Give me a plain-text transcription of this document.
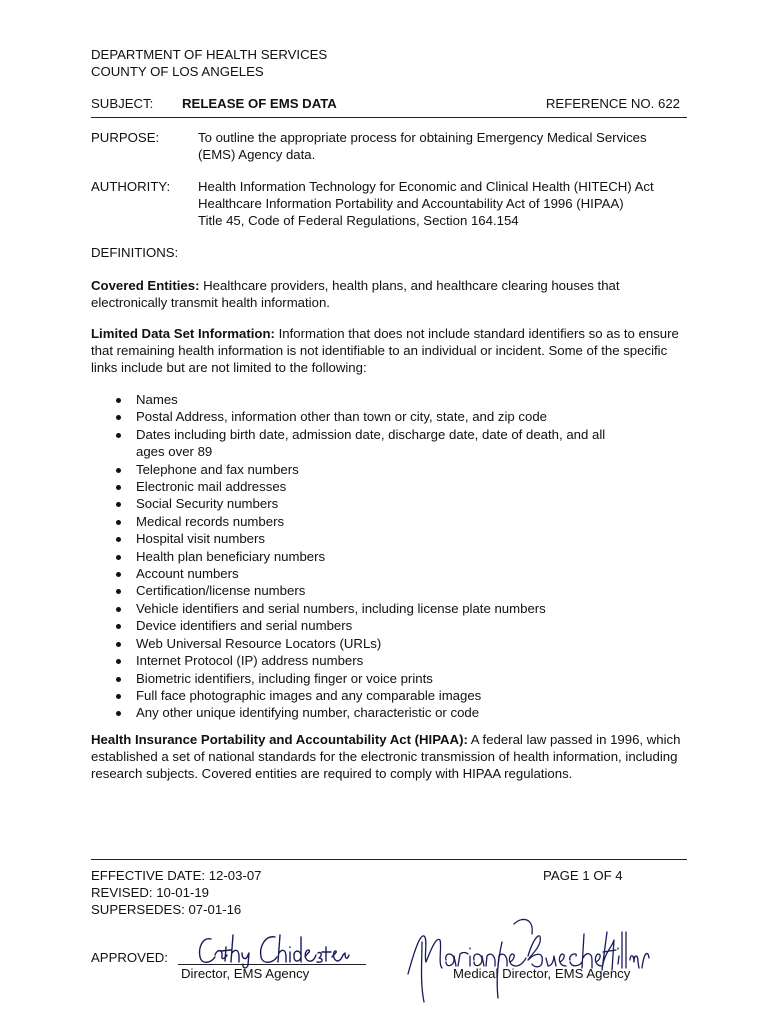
DEPARTMENT OF HEALTH SERVICES
COUNTY OF LOS ANGELES
SUBJECT: RELEASE OF EMS DATA	REFERENCE NO. 622
PURPOSE:	To outline the appropriate process for obtaining Emergency Medical Services
(EMS) Agency data.
AUTHORITY: Health Information Technology for Economic and Clinical Health (HITECH) Act
Healthcare Information Portability and Accountability Act of 1996 (HIPAA)
Title 45, Code of Federal Regulations, Section 164.154
DEFINITIONS:
Covered Entities: Healthcare providers, health plans, and healthcare clearing houses that electronically transmit health information.
Limited Data Set Information: Information that does not include standard identifiers so as to ensure that remaining health information is not identifiable to an individual or incident. Some of the specific links include but are not limited to the following:
Names
Postal Address, information other than town or city, state, and zip code
Dates including birth date, admission date, discharge date, date of death, and all ages over 89
Telephone and fax numbers
Electronic mail addresses
Social Security numbers
Medical records numbers
Hospital visit numbers
Health plan beneficiary numbers
Account numbers
Certification/license numbers
Vehicle identifiers and serial numbers, including license plate numbers
Device identifiers and serial numbers
Web Universal Resource Locators (URLs)
Internet Protocol (IP) address numbers
Biometric identifiers, including finger or voice prints
Full face photographic images and any comparable images
Any other unique identifying number, characteristic or code
Health Insurance Portability and Accountability Act (HIPAA): A federal law passed in 1996, which established a set of national standards for the electronic transmission of health information, including research subjects. Covered entities are required to comply with HIPAA regulations.
EFFECTIVE DATE: 12-03-07
REVISED: 10-01-19
SUPERSEDES: 07-01-16
PAGE 1 OF 4
APPROVED:
Director, EMS Agency	Medical Director, EMS Agency
